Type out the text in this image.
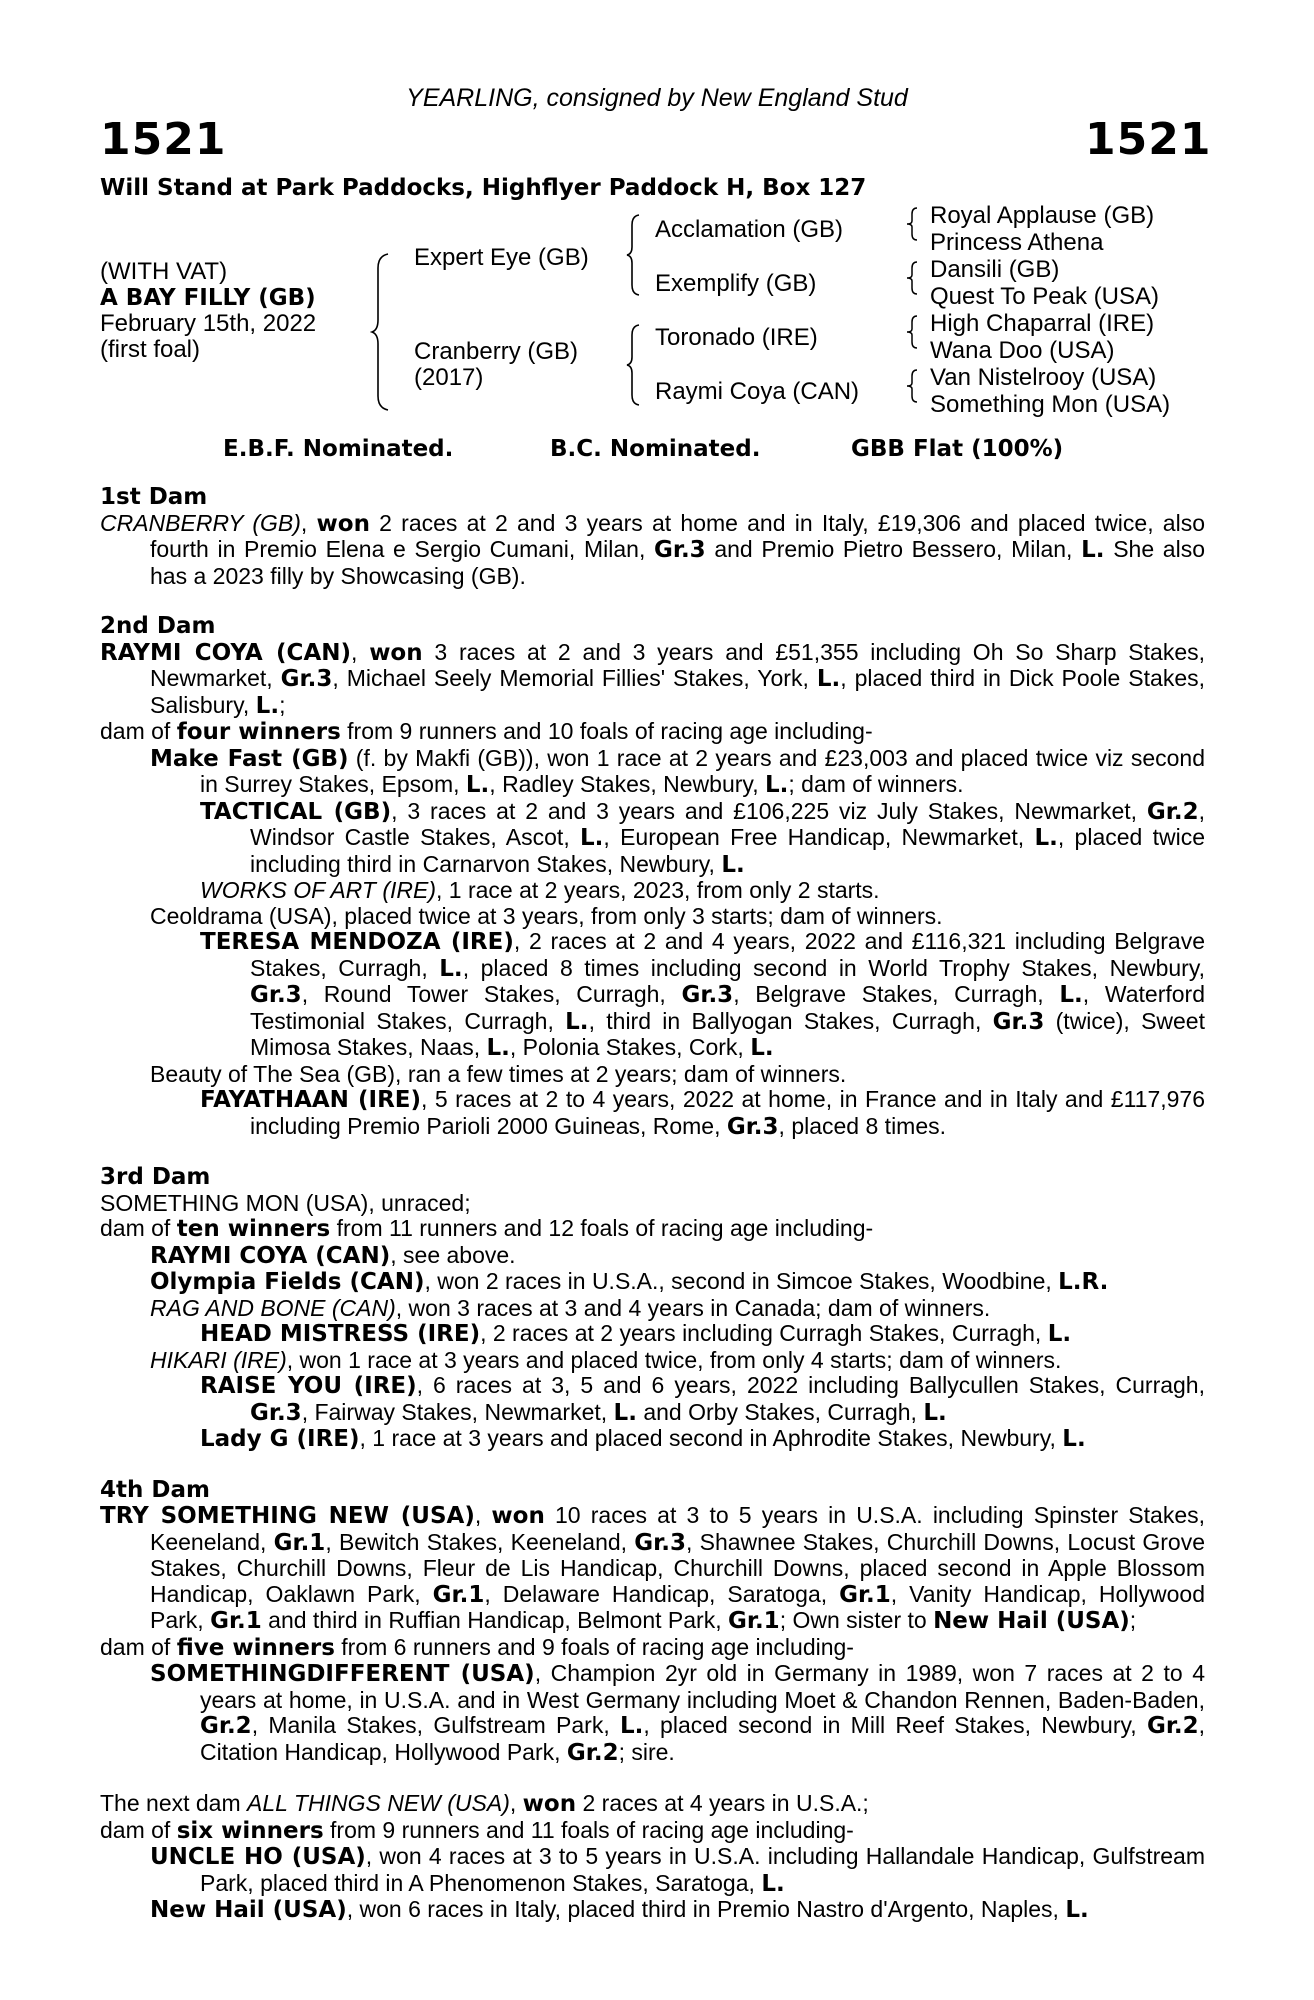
YEARLING, consigned by New England Stud
1521	1521
Will Stand at Park Paddocks, Highflyer Paddock H, Box 127
(WITH VAT)
A BAY FILLY (GB)
February 15th, 2022
(first foal)
Expert Eye (GB)
Cranberry (GB)
(2017)
Acclamation (GB)
Exemplify (GB)
Toronado (IRE)
Raymi Coya (CAN)
Royal Applause (GB)
Princess Athena
Dansili (GB)
Quest To Peak (USA)
High Chaparral (IRE)
Wana Doo (USA)
Van Nistelrooy (USA)
Something Mon (USA)
E.B.F. Nominated.	B.C. Nominated.	GBB Flat (100%)
1st Dam
CRANBERRY (GB), won 2 races at 2 and 3 years at home and in Italy, £19,306 and placed twice, also fourth in Premio Elena e Sergio Cumani, Milan, Gr.3 and Premio Pietro Bessero, Milan, L. She also has a 2023 filly by Showcasing (GB).
2nd Dam
RAYMI COYA (CAN), won 3 races at 2 and 3 years and £51,355 including Oh So Sharp Stakes, Newmarket, Gr.3, Michael Seely Memorial Fillies' Stakes, York, L., placed third in Dick Poole Stakes, Salisbury, L.;
dam of four winners from 9 runners and 10 foals of racing age including-
Make Fast (GB) (f. by Makfi (GB)), won 1 race at 2 years and £23,003 and placed twice viz second in Surrey Stakes, Epsom, L., Radley Stakes, Newbury, L.; dam of winners.
TACTICAL (GB), 3 races at 2 and 3 years and £106,225 viz July Stakes, Newmarket, Gr.2, Windsor Castle Stakes, Ascot, L., European Free Handicap, Newmarket, L., placed twice including third in Carnarvon Stakes, Newbury, L.
WORKS OF ART (IRE), 1 race at 2 years, 2023, from only 2 starts.
Ceoldrama (USA), placed twice at 3 years, from only 3 starts; dam of winners.
TERESA MENDOZA (IRE), 2 races at 2 and 4 years, 2022 and £116,321 including Belgrave Stakes, Curragh, L., placed 8 times including second in World Trophy Stakes, Newbury, Gr.3, Round Tower Stakes, Curragh, Gr.3, Belgrave Stakes, Curragh, L., Waterford Testimonial Stakes, Curragh, L., third in Ballyogan Stakes, Curragh, Gr.3 (twice), Sweet Mimosa Stakes, Naas, L., Polonia Stakes, Cork, L.
Beauty of The Sea (GB), ran a few times at 2 years; dam of winners.
FAYATHAAN (IRE), 5 races at 2 to 4 years, 2022 at home, in France and in Italy and £117,976 including Premio Parioli 2000 Guineas, Rome, Gr.3, placed 8 times.
3rd Dam
SOMETHING MON (USA), unraced;
dam of ten winners from 11 runners and 12 foals of racing age including-
RAYMI COYA (CAN), see above.
Olympia Fields (CAN), won 2 races in U.S.A., second in Simcoe Stakes, Woodbine, L.R.
RAG AND BONE (CAN), won 3 races at 3 and 4 years in Canada; dam of winners.
HEAD MISTRESS (IRE), 2 races at 2 years including Curragh Stakes, Curragh, L.
HIKARI (IRE), won 1 race at 3 years and placed twice, from only 4 starts; dam of winners.
RAISE YOU (IRE), 6 races at 3, 5 and 6 years, 2022 including Ballycullen Stakes, Curragh, Gr.3, Fairway Stakes, Newmarket, L. and Orby Stakes, Curragh, L.
Lady G (IRE), 1 race at 3 years and placed second in Aphrodite Stakes, Newbury, L.
4th Dam
TRY SOMETHING NEW (USA), won 10 races at 3 to 5 years in U.S.A. including Spinster Stakes, Keeneland, Gr.1, Bewitch Stakes, Keeneland, Gr.3, Shawnee Stakes, Churchill Downs, Locust Grove Stakes, Churchill Downs, Fleur de Lis Handicap, Churchill Downs, placed second in Apple Blossom Handicap, Oaklawn Park, Gr.1, Delaware Handicap, Saratoga, Gr.1, Vanity Handicap, Hollywood Park, Gr.1 and third in Ruffian Handicap, Belmont Park, Gr.1; Own sister to New Hail (USA);
dam of five winners from 6 runners and 9 foals of racing age including-
SOMETHINGDIFFERENT (USA), Champion 2yr old in Germany in 1989, won 7 races at 2 to 4 years at home, in U.S.A. and in West Germany including Moet & Chandon Rennen, Baden-Baden, Gr.2, Manila Stakes, Gulfstream Park, L., placed second in Mill Reef Stakes, Newbury, Gr.2, Citation Handicap, Hollywood Park, Gr.2; sire.
The next dam ALL THINGS NEW (USA), won 2 races at 4 years in U.S.A.;
dam of six winners from 9 runners and 11 foals of racing age including-
UNCLE HO (USA), won 4 races at 3 to 5 years in U.S.A. including Hallandale Handicap, Gulfstream Park, placed third in A Phenomenon Stakes, Saratoga, L.
New Hail (USA), won 6 races in Italy, placed third in Premio Nastro d'Argento, Naples, L.
